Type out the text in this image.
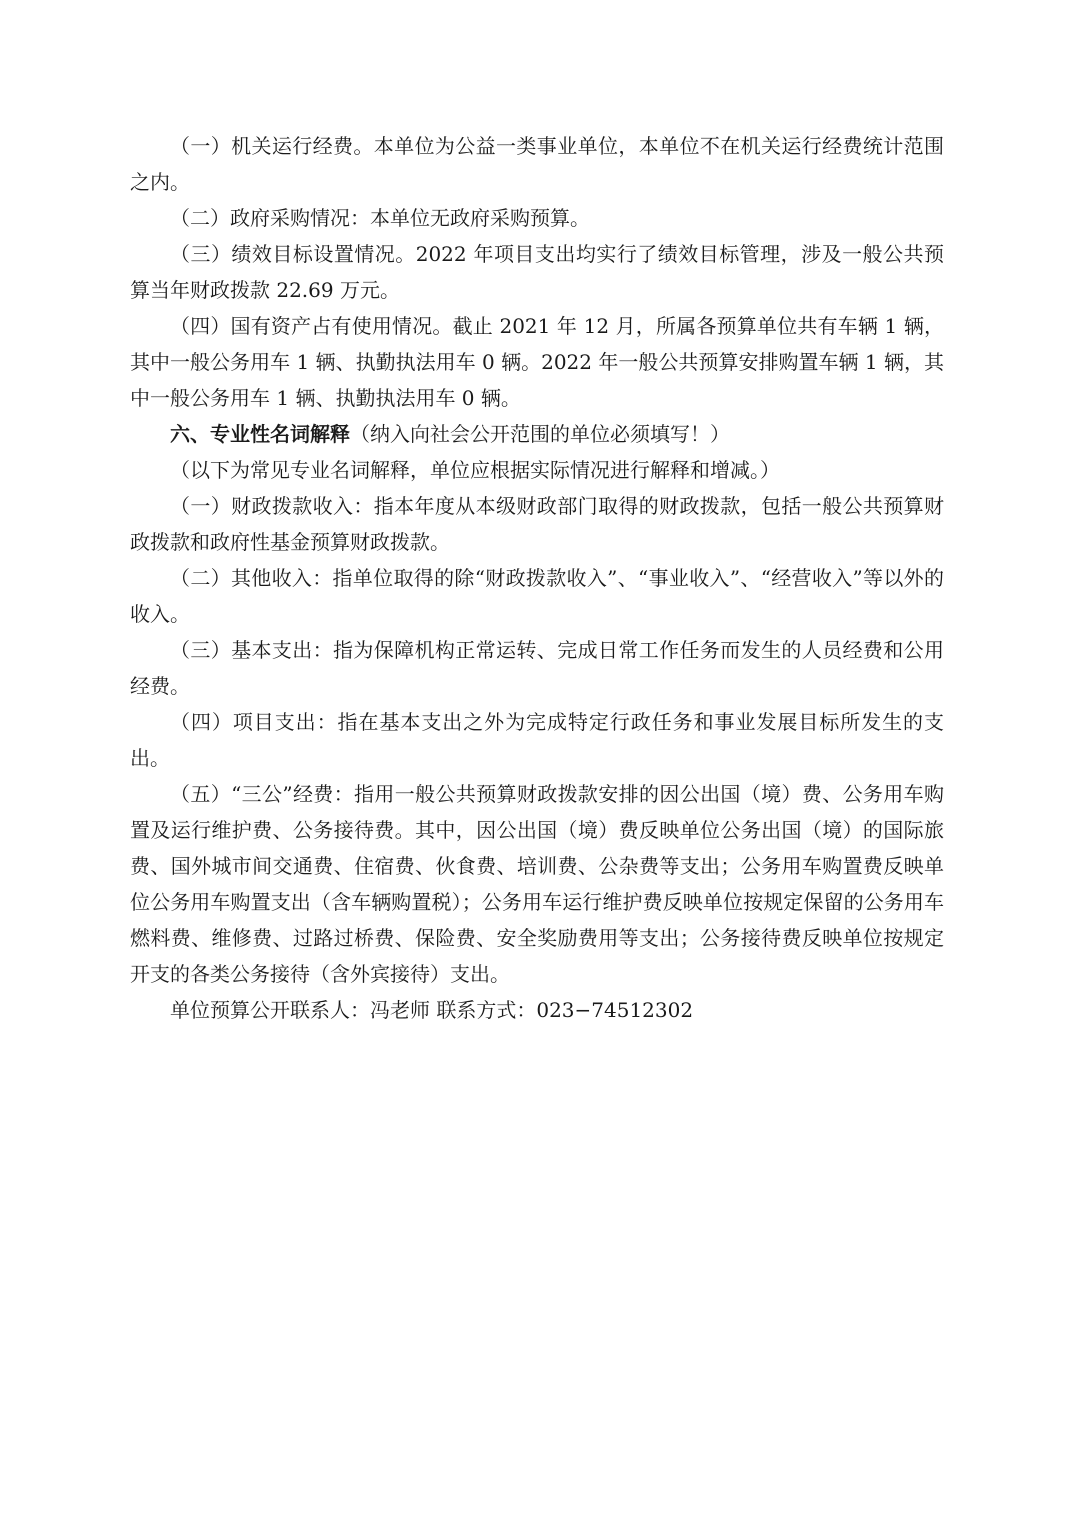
（一）机关运行经费。本单位为公益一类事业单位，本单位不在机关运行经费统计范围之内。

（二）政府采购情况：本单位无政府采购预算。

（三）绩效目标设置情况。2022 年项目支出均实行了绩效目标管理，涉及一般公共预算当年财政拨款 22.69 万元。

（四）国有资产占有使用情况。截止 2021 年 12 月，所属各预算单位共有车辆 1 辆，其中一般公务用车 1 辆、执勤执法用车 0 辆。2022 年一般公共预算安排购置车辆 1 辆，其中一般公务用车 1 辆、执勤执法用车 0 辆。

六、专业性名词解释（纳入向社会公开范围的单位必须填写！）

（以下为常见专业名词解释，单位应根据实际情况进行解释和增减。）

（一）财政拨款收入：指本年度从本级财政部门取得的财政拨款，包括一般公共预算财政拨款和政府性基金预算财政拨款。

（二）其他收入：指单位取得的除“财政拨款收入”、“事业收入”、“经营收入”等以外的收入。

（三）基本支出：指为保障机构正常运转、完成日常工作任务而发生的人员经费和公用经费。

（四）项目支出：指在基本支出之外为完成特定行政任务和事业发展目标所发生的支出。

（五）“三公”经费：指用一般公共预算财政拨款安排的因公出国（境）费、公务用车购置及运行维护费、公务接待费。其中，因公出国（境）费反映单位公务出国（境）的国际旅费、国外城市间交通费、住宿费、伙食费、培训费、公杂费等支出；公务用车购置费反映单位公务用车购置支出（含车辆购置税）；公务用车运行维护费反映单位按规定保留的公务用车燃料费、维修费、过路过桥费、保险费、安全奖励费用等支出；公务接待费反映单位按规定开支的各类公务接待（含外宾接待）支出。

单位预算公开联系人：冯老师 联系方式：023−74512302
